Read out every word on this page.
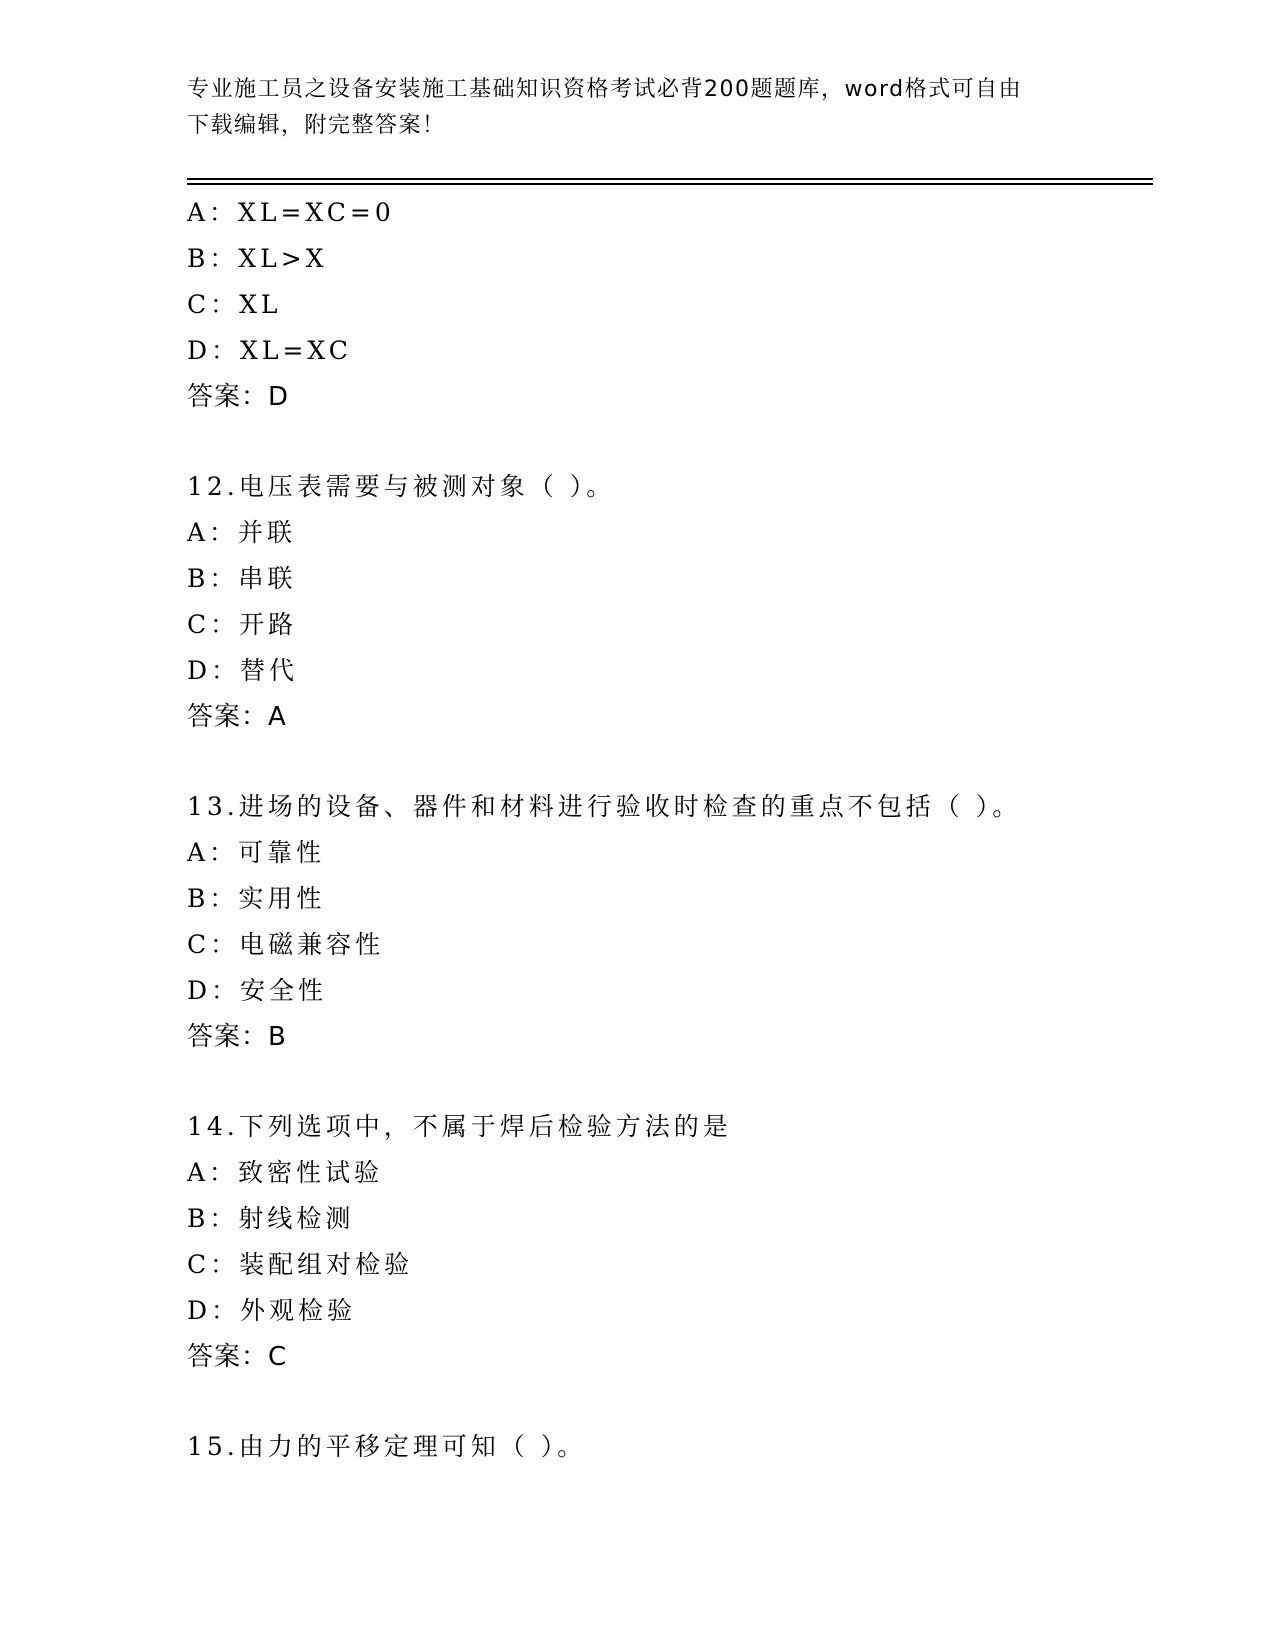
专业施工员之设备安装施工基础知识资格考试必背200题题库，word格式可自由
下载编辑，附完整答案！
A：XL=XC=0
B：XL>X
C：XL
D：XL=XC
答案：D
12.电压表需要与被测对象（ ）。
A：并联
B：串联
C：开路
D：替代
答案：A
13.进场的设备、器件和材料进行验收时检查的重点不包括（ ）。
A：可靠性
B：实用性
C：电磁兼容性
D：安全性
答案：B
14.下列选项中，不属于焊后检验方法的是
A：致密性试验
B：射线检测
C：装配组对检验
D：外观检验
答案：C
15.由力的平移定理可知（ ）。
